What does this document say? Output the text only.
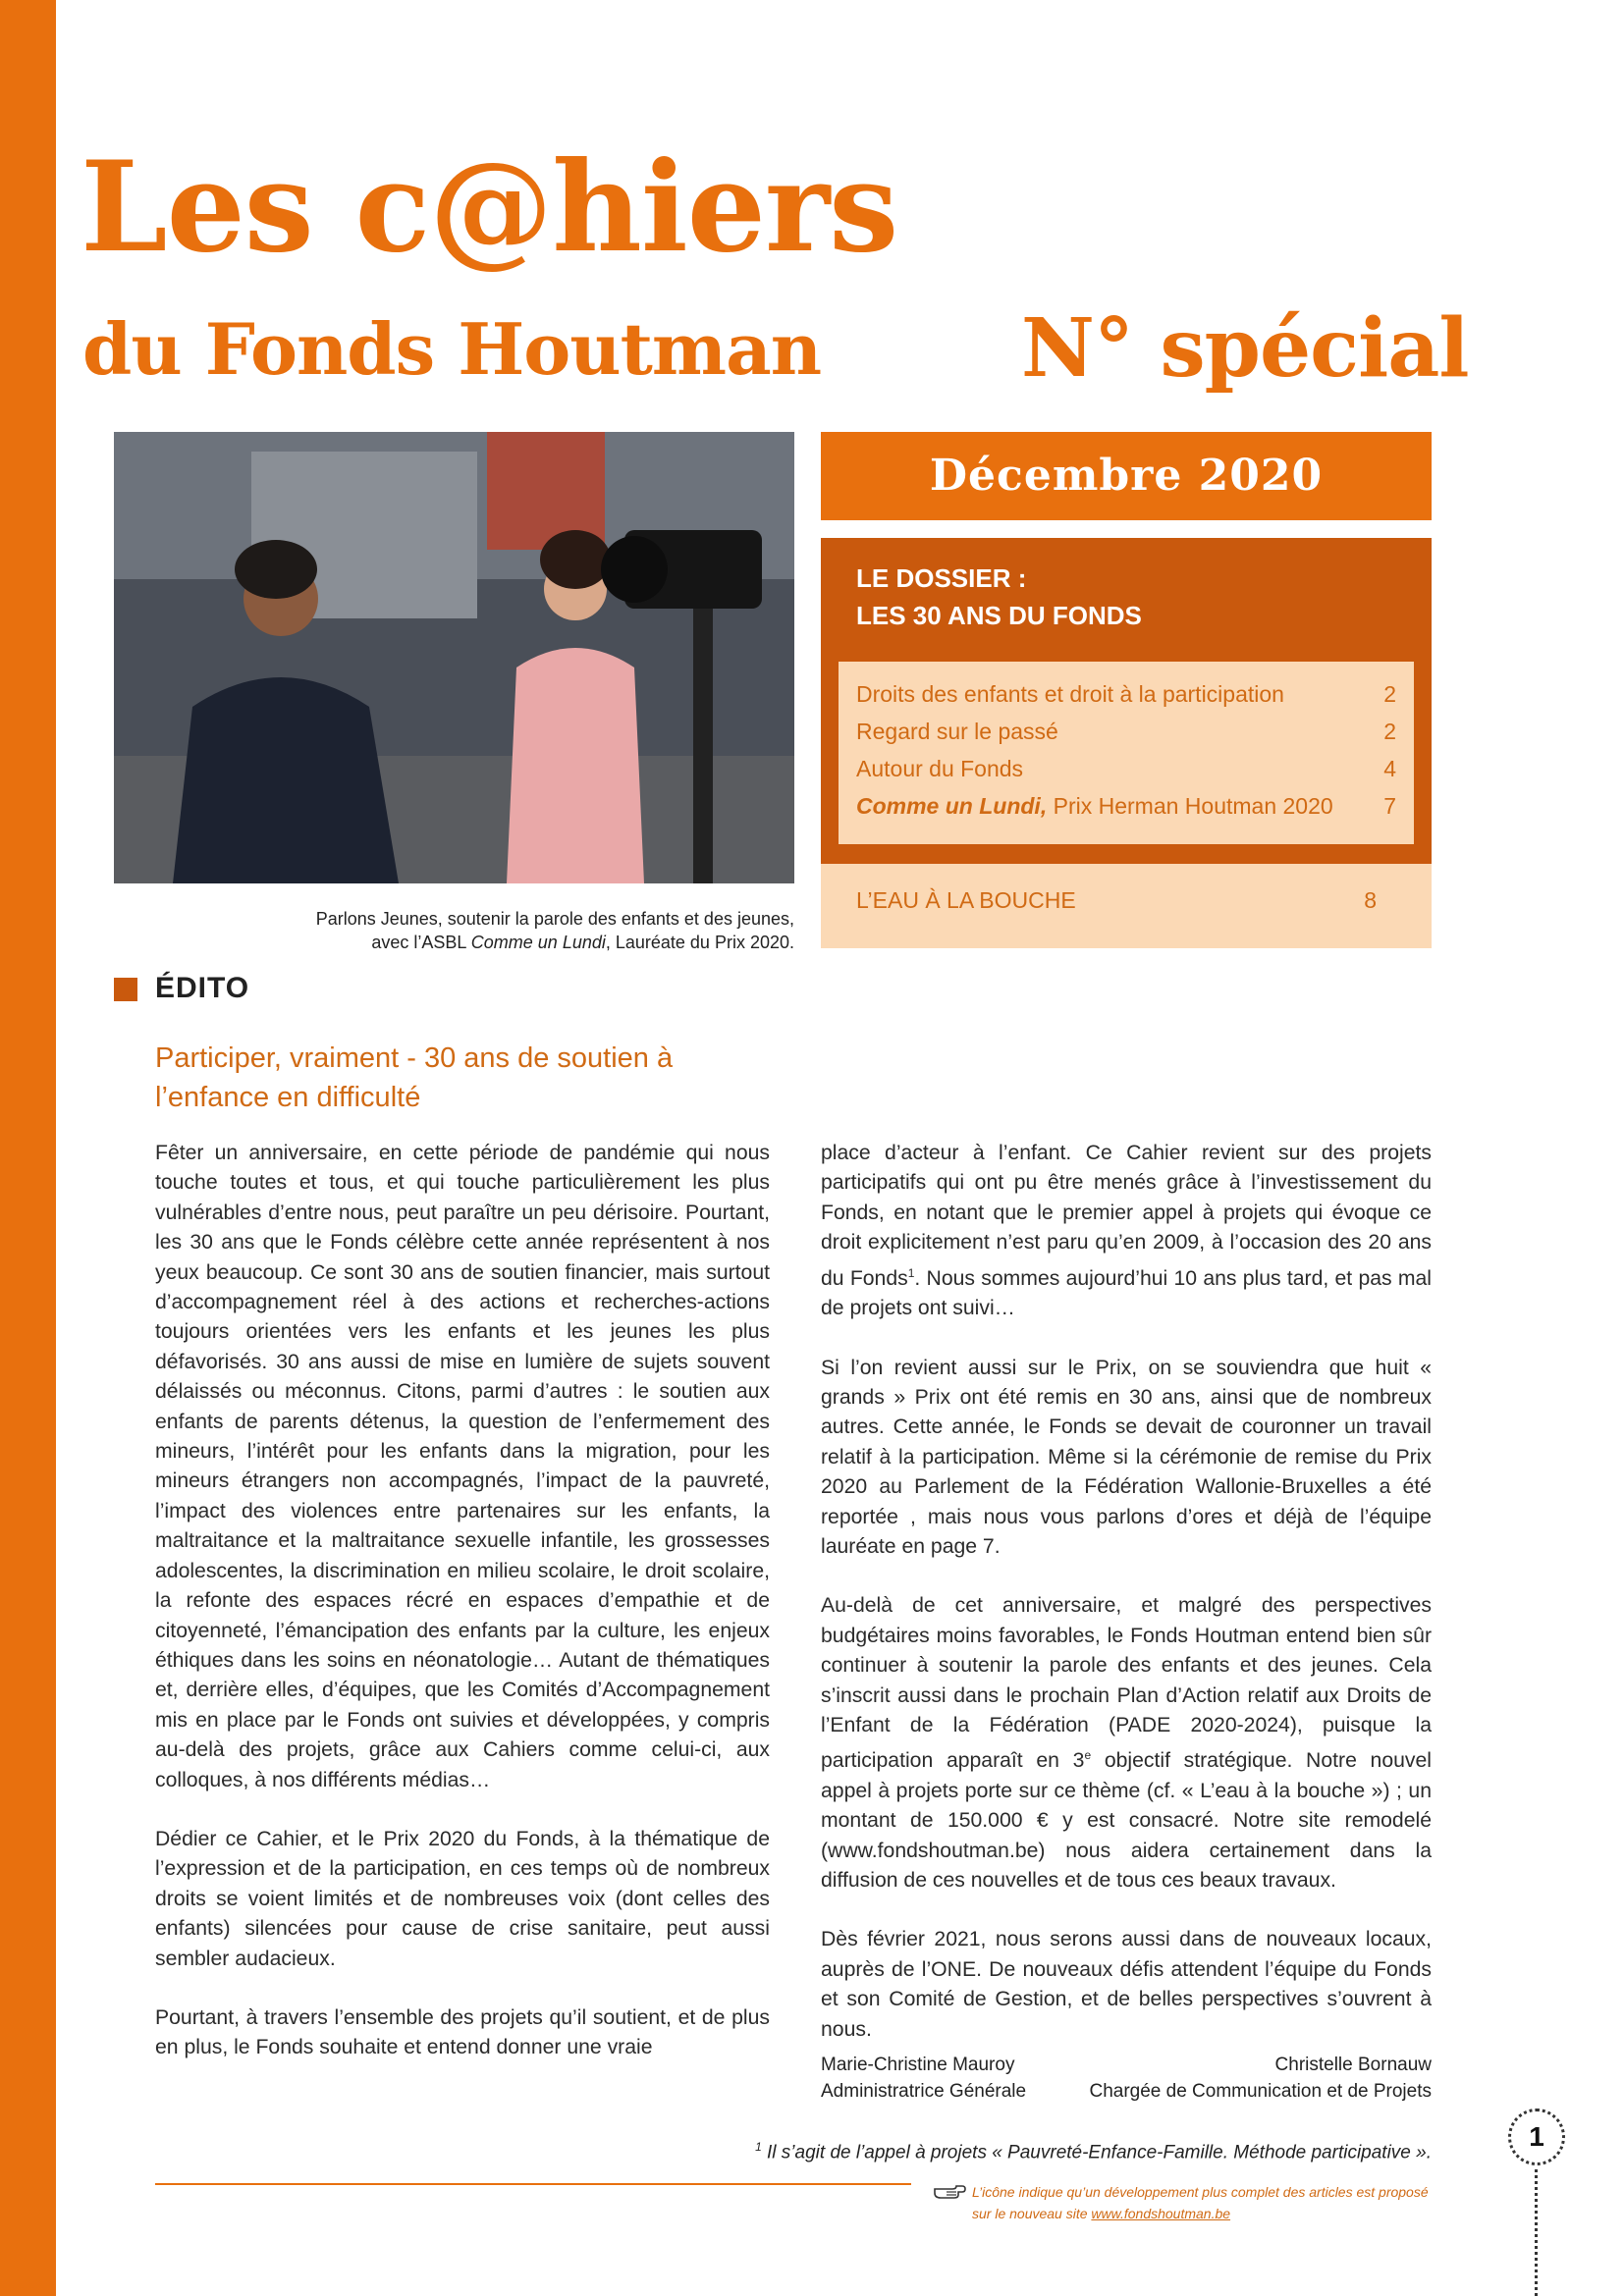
Les c@hiers
du Fonds Houtman N° spécial
Parlons Jeunes, soutenir la parole des enfants et des jeunes,
avec l’ASBL Comme un Lundi, Lauréate du Prix 2020.
Décembre 2020
LE DOSSIER :
LES 30 ANS DU FONDS
Droits des enfants et droit à la participation	2
Regard sur le passé	2
Autour du Fonds	4
Comme un Lundi, Prix Herman Houtman 2020 7
L’EAU À LA BOUCHE	8
ÉDITO
Participer, vraiment - 30 ans de soutien à l’enfance en difficulté

Fêter un anniversaire, en cette période de pandémie qui nous touche toutes et tous, et qui touche particulièrement les plus vulnérables d’entre nous, peut paraître un peu dérisoire. Pourtant, les 30 ans que le Fonds célèbre cette année représentent à nos yeux beaucoup. Ce sont 30 ans de soutien financier, mais surtout d’accompagnement réel à des actions et recherches-actions toujours orientées vers les enfants et les jeunes les plus défavorisés. 30 ans aussi de mise en lumière de sujets souvent délaissés ou méconnus. Citons, parmi d’autres : le soutien aux enfants de parents détenus, la question de l’enfermement des mineurs, l’intérêt pour les enfants dans la migration, pour les mineurs étrangers non accompagnés, l’impact de la pauvreté, l’impact des violences entre partenaires sur les enfants, la maltraitance et la maltraitance sexuelle infantile, les grossesses adolescentes, la discrimination en milieu scolaire, le droit scolaire, la refonte des espaces récré en espaces d’empathie et de citoyenneté, l’émancipation des enfants par la culture, les enjeux éthiques dans les soins en néonatologie… Autant de thématiques et, derrière elles, d’équipes, que les Comités d’Accompagnement mis en place par le Fonds ont suivies et développées, y compris au-delà des projets, grâce aux Cahiers comme celui-ci, aux colloques, à nos différents médias…

Dédier ce Cahier, et le Prix 2020 du Fonds, à la thématique de l’expression et de la participation, en ces temps où de nombreux droits se voient limités et de nombreuses voix (dont celles des enfants) silencées pour cause de crise sanitaire, peut aussi sembler audacieux.

Pourtant, à travers l’ensemble des projets qu’il soutient, et de plus en plus, le Fonds souhaite et entend donner une vraie

place d’acteur à l’enfant. Ce Cahier revient sur des projets participatifs qui ont pu être menés grâce à l’investissement du Fonds, en notant que le premier appel à projets qui évoque ce droit explicitement n’est paru qu’en 2009, à l’occasion des 20 ans du Fonds$^1$. Nous sommes aujourd’hui 10 ans plus tard, et pas mal de projets ont suivi…

Si l’on revient aussi sur le Prix, on se souviendra que huit « grands » Prix ont été remis en 30 ans, ainsi que de nombreux autres. Cette année, le Fonds se devait de couronner un travail relatif à la participation. Même si la cérémonie de remise du Prix 2020 au Parlement de la Fédération Wallonie-Bruxelles a été reportée , mais nous vous parlons d’ores et déjà de l’équipe lauréate en page 7.

Au-delà de cet anniversaire, et malgré des perspectives budgétaires moins favorables, le Fonds Houtman entend bien sûr continuer à soutenir la parole des enfants et des jeunes. Cela s’inscrit aussi dans le prochain Plan d’Action relatif aux Droits de l’Enfant de la Fédération (PADE 2020-2024), puisque la participation apparaît en 3e objectif stratégique. Notre nouvel appel à projets porte sur ce thème (cf. « L’eau à la bouche ») ; un montant de 150.000 € y est consacré. Notre site remodelé (www.fondshoutman.be) nous aidera certainement dans la diffusion de ces nouvelles et de tous ces beaux travaux.

Dès février 2021, nous serons aussi dans de nouveaux locaux, auprès de l’ONE. De nouveaux défis attendent l’équipe du Fonds et son Comité de Gestion, et de belles perspectives s’ouvrent à nous.

Marie-Christine Mauroy
Administratrice Générale
Christelle Bornauw
Chargée de Communication et de Projets
$^1$ Il s’agit de l’appel à projets « Pauvreté-Enfance-Famille. Méthode participative ».
L’icône indique qu’un développement plus complet des articles est proposé
sur le nouveau site www.fondshoutman.be
1
